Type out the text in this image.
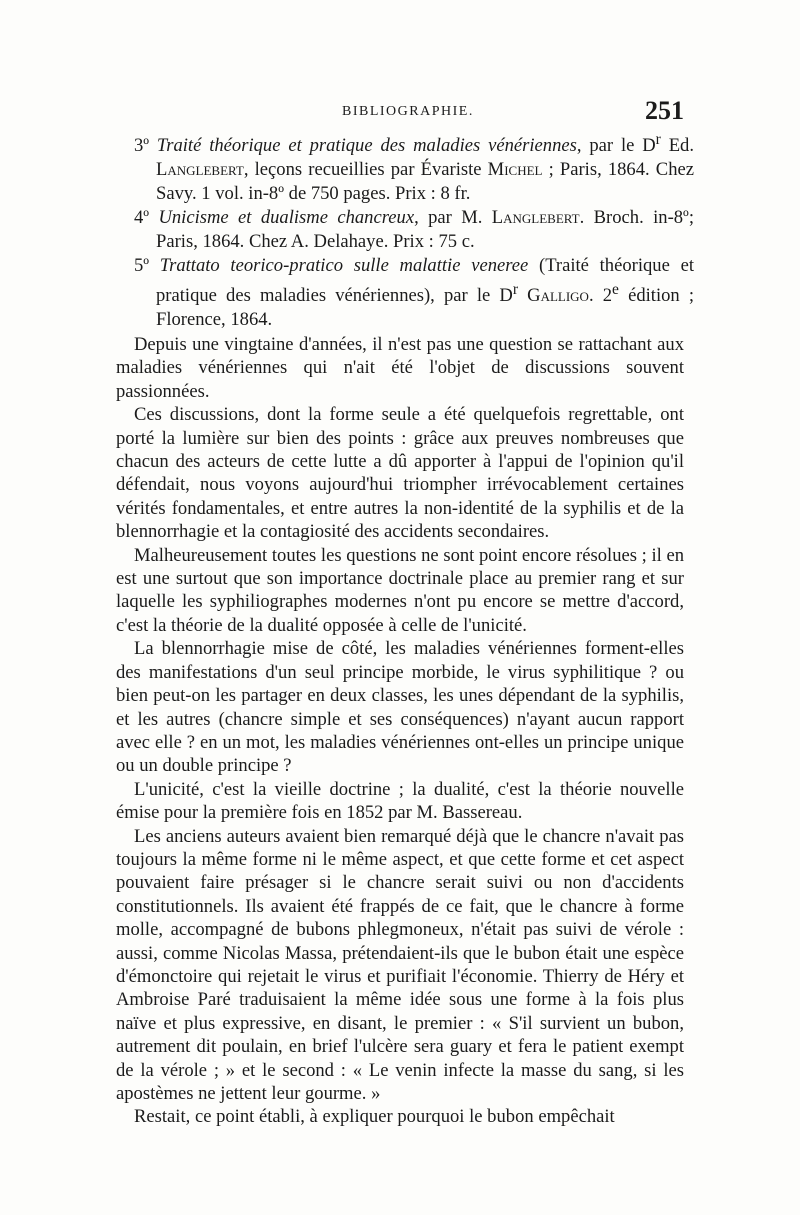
BIBLIOGRAPHIE.	251
3º Traité théorique et pratique des maladies vénériennes, par le $D^r$ Ed. Langlebert, leçons recueillies par Évariste Michel ; Paris, 1864. Chez Savy. 1 vol. in-8º de 750 pages. Prix : 8 fr.
4º Unicisme et dualisme chancreux, par M. Langlebert. Broch. in-8º; Paris, 1864. Chez A. Delahaye. Prix : 75 c.
5º Trattato teorico-pratico sulle malattie veneree (Traité théorique et pratique des maladies vénériennes), par le $D^r$ Galligo. 2e édition ; Florence, 1864.

Depuis une vingtaine d'années, il n'est pas une question se rattachant aux maladies vénériennes qui n'ait été l'objet de discussions souvent passionnées.

Ces discussions, dont la forme seule a été quelquefois regrettable, ont porté la lumière sur bien des points : grâce aux preuves nombreuses que chacun des acteurs de cette lutte a dû apporter à l'appui de l'opinion qu'il défendait, nous voyons aujourd'hui triompher irrévocablement certaines vérités fondamentales, et entre autres la non-identité de la syphilis et de la blennorrhagie et la contagiosité des accidents secondaires.

Malheureusement toutes les questions ne sont point encore résolues ; il en est une surtout que son importance doctrinale place au premier rang et sur laquelle les syphiliographes modernes n'ont pu encore se mettre d'accord, c'est la théorie de la dualité opposée à celle de l'unicité.

La blennorrhagie mise de côté, les maladies vénériennes forment-elles des manifestations d'un seul principe morbide, le virus syphilitique ? ou bien peut-on les partager en deux classes, les unes dépendant de la syphilis, et les autres (chancre simple et ses conséquences) n'ayant aucun rapport avec elle ? en un mot, les maladies vénériennes ont-elles un principe unique ou un double principe ?

L'unicité, c'est la vieille doctrine ; la dualité, c'est la théorie nouvelle émise pour la première fois en 1852 par M. Bassereau.

Les anciens auteurs avaient bien remarqué déjà que le chancre n'avait pas toujours la même forme ni le même aspect, et que cette forme et cet aspect pouvaient faire présager si le chancre serait suivi ou non d'accidents constitutionnels. Ils avaient été frappés de ce fait, que le chancre à forme molle, accompagné de bubons phlegmoneux, n'était pas suivi de vérole : aussi, comme Nicolas Massa, prétendaient-ils que le bubon était une espèce d'émonctoire qui rejetait le virus et purifiait l'économie. Thierry de Héry et Ambroise Paré traduisaient la même idée sous une forme à la fois plus naïve et plus expressive, en disant, le premier : « S'il survient un bubon, autrement dit poulain, en brief l'ulcère sera guary et fera le patient exempt de la vérole ; » et le second : « Le venin infecte la masse du sang, si les apostèmes ne jettent leur gourme. »

Restait, ce point établi, à expliquer pourquoi le bubon empêchait
